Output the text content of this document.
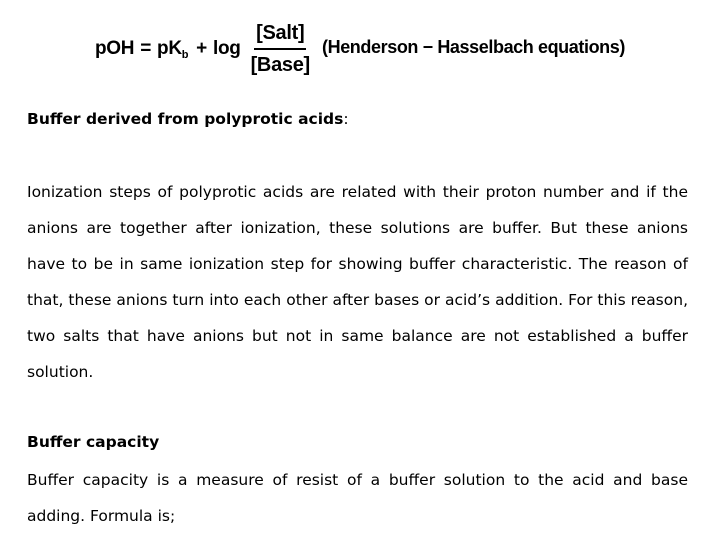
pOH = pK $b + \log \frac{\text{[Salt]}}{\text{[Base]}}$ (Henderson − Hasselbach equations)
Buffer derived from polyprotic acids:

Ionization steps of polyprotic acids are related with their proton number and if the anions are together after ionization, these solutions are buffer. But these anions have to be in same ionization step for showing buffer characteristic. The reason of that, these anions turn into each other after bases or acid’s addition. For this reason, two salts that have anions but not in same balance are not established a buffer solution.

Buffer capacity

Buffer capacity is a measure of resist of a buffer solution to the acid and base adding. Formula is;
